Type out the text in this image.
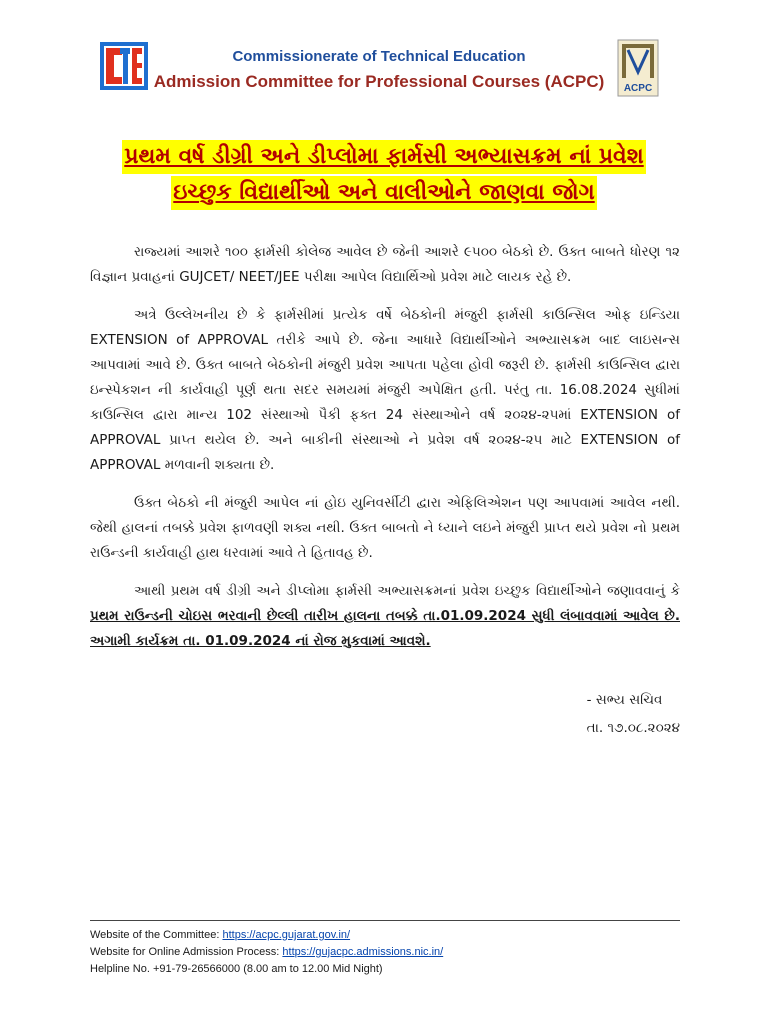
Commissionerate of Technical Education
Admission Committee for Professional Courses (ACPC)	ACPC
પ્રથમ વર્ષ ડીગ્રી અને ડીપ્લોમા ફાર્મસી અભ્યાસક્રમ નાં પ્રવેશ
ઇચ્છુક વિદ્યાર્થીઓ અને વાલીઓને જાણવા જોગ

રાજ્યમાં આશરે ૧૦૦ ફાર્મસી કોલેજ આવેલ છે જેની આશરે ૯૫૦૦ બેઠકો છે. ઉક્ત બાબતે ધોરણ ૧૨ વિજ્ઞાન પ્રવાહનાં GUJCET/ NEET/JEE પરીક્ષા આપેલ વિદ્યાર્થિઓ પ્રવેશ માટે લાયક રહે છે.

અત્રે ઉલ્લેખનીય છે કે ફાર્મસીમાં પ્રત્યેક વર્ષે બેઠકોની મંજુરી ફાર્મસી કાઉન્સિલ ઓફ ઇન્ડિયા EXTENSION of APPROVAL તરીકે આપે છે. જેના આધારે વિદ્યાર્થીઓને અભ્યાસક્રમ બાદ લાઇસન્સ આપવામાં આવે છે. ઉક્ત બાબતે બેઠકોની મંજુરી પ્રવેશ આપતા પહેલા હોવી જરૂરી છે. ફાર્મસી કાઉન્સિલ દ્વારા ઇન્સ્પેકશન ની કાર્યવાહી પૂર્ણ થતા સદર સમયમાં મંજુરી અપેક્ષિત હતી. પરંતુ તા. 16.08.2024 સુધીમાં કાઉન્સિલ દ્વારા માન્ય 102 સંસ્થાઓ પૈકી ફક્ત 24 સંસ્થાઓને વર્ષ ૨૦૨૪-૨૫માં EXTENSION of APPROVAL પ્રાપ્ત થયેલ છે. અને બાકીની સંસ્થાઓ ને પ્રવેશ વર્ષ ૨૦૨૪-૨૫ માટે EXTENSION of APPROVAL મળવાની શક્યતા છે.

ઉક્ત બેઠકો ની મંજુરી આપેલ નાં હોઇ યુનિવર્સીટી દ્વારા એફિલિએશન પણ આપવામાં આવેલ નથી. જેથી હાલનાં તબક્કે પ્રવેશ ફાળવણી શક્ય નથી. ઉક્ત બાબતો ને ધ્યાને લઇને મંજુરી પ્રાપ્ત થયે પ્રવેશ નો પ્રથમ રાઉન્ડની કાર્યવાહી હાથ ધરવામાં આવે તે હિતાવહ છે.

આથી પ્રથમ વર્ષ ડીગ્રી અને ડીપ્લોમા ફાર્મસી અભ્યાસક્રમનાં પ્રવેશ ઇચ્છુક વિદ્યાર્થીઓને જણાવવાનું કે પ્રથમ રાઉન્ડની ચોઇસ ભરવાની છેલ્લી તારીખ હાલના તબક્કે તા.01.09.2024 સુધી લંબાવવામાં આવેલ છે. અગામી કાર્યક્રમ તા. 01.09.2024 નાં રોજ મુકવામાં આવશે.

- સભ્ય સચિવ
તા. ૧૭.૦૮.૨૦૨૪
Website of the Committee: https://acpc.gujarat.gov.in/
Website for Online Admission Process: https://gujacpc.admissions.nic.in/
Helpline No. +91-79-26566000 (8.00 am to 12.00 Mid Night)
